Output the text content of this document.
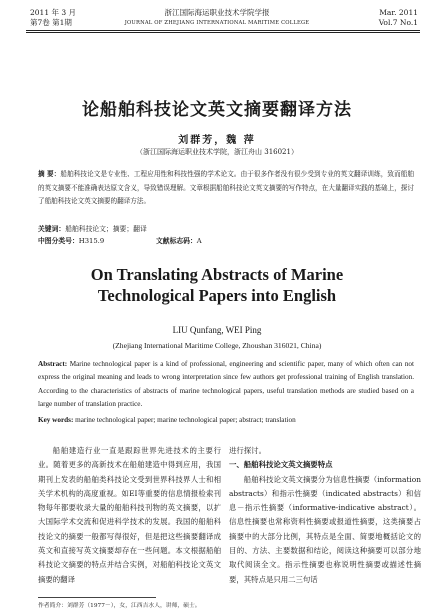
2011 年 3 月
第7卷 第1期
浙江国际海运职业技术学院学报
JOURNAL OF ZHEJIANG INTERNATIONAL MARITIME COLLEGE
Mar. 2011
Vol.7 No.1
论船舶科技论文英文摘要翻译方法
刘群芳，魏 萍
（浙江国际海运职业技术学院，浙江舟山 316021）
摘 要：船舶科技论文是专业性、工程应用性和科技性强的学术论文。由于很多作者没有很少受到专业的英文翻译训练，致而船舶的英文摘要不能准确表达原文含义，导致错误理解。文章根据船舶科技论文英文摘要的写作特点，在大量翻译实践的基础上，探讨了船舶科技论文英文摘要的翻译方法。
关键词：船舶科技论文；摘要；翻译
中图分类号：H315.9	文献标志码：A
On Translating Abstracts of Marine
Technological Papers into English
LIU Qunfang, WEI Ping
(Zhejiang International Maritime College, Zhoushan 316021, China)
Abstract: Marine technological paper is a kind of professional, engineering and scientific paper, many of which often can not express the original meaning and leads to wrong interpretation since few authors get professional training of English translation. According to the characteristics of abstracts of marine technological papers, useful translation methods are studied based on a large number of translation practice.
Key words: marine technological paper; marine technological paper; abstract; translation
船舶建造行业一直是跟踪世界先进技术的主要行业。随着更多的高新技术在船舶建造中得到应用，我国期刊上发表的船舶类科技论文受到世界科技界人士和相关学术机构的高度重视。如EI等重要的信息情报检索刊物每年都要收录大量的船舶科技刊物的英文摘要，以扩大国际学术交流和促进科学技术的发展。我国的船舶科技论文的摘要一般都写得很好，但是把这些摘要翻译成英文和直接写英文摘要却存在一些问题。本文根据船舶科技论文摘要的特点并结合实例，对船舶科技论文英文摘要的翻译
进行探讨。
一、船舶科技论文英文摘要特点
船舶科技论文英文摘要分为信息性摘要（information abstracts）和指示性摘要（indicated abstracts）和信息－指示性摘要（informative-indicative abstract）。信息性摘要也常称资料性摘要或报道性摘要，这类摘要占摘要中的大部分比例，其特点是全面、简要地概括论文的目的、方法、主要数据和结论，阅读这种摘要可以部分地取代阅读全文。指示性摘要也称说明性摘要或描述性摘要，其特点是只用二三句话
作者简介：刘群芳（1977－），女，江西吉水人，讲师，硕士。
